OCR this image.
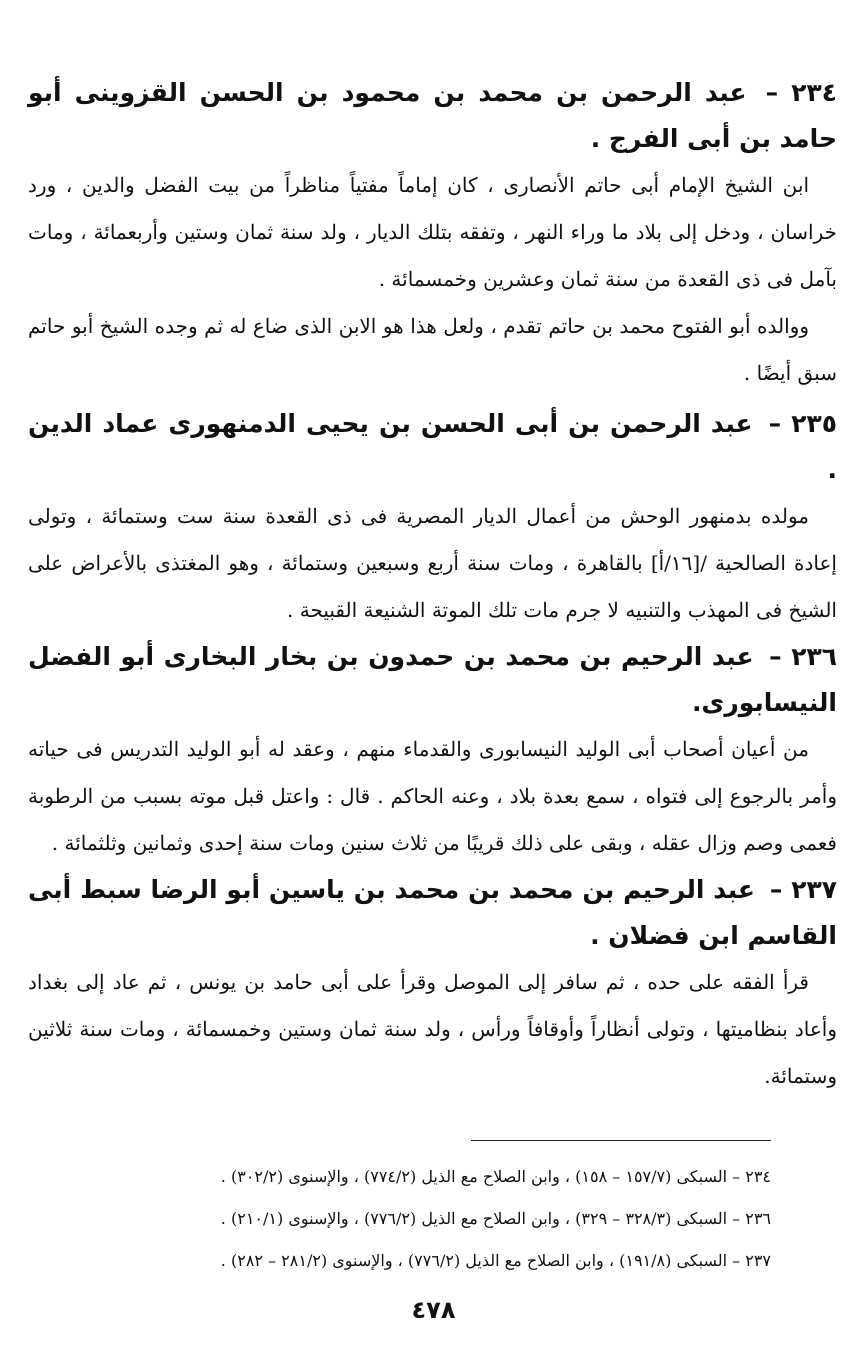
٢٣٤ – عبد الرحمن بن محمد بن محمود بن الحسن القزوينى أبو حامد بن أبى الفرج .

ابن الشيخ الإمام أبى حاتم الأنصارى ، كان إماماً مفتياً مناظراً من بيت الفضل والدين ، ورد خراسان ، ودخل إلى بلاد ما وراء النهر ، وتفقه بتلك الديار ، ولد سنة ثمان وستين وأربعمائة ، ومات بآمل فى ذى القعدة من سنة ثمان وعشرين وخمسمائة .

ووالده أبو الفتوح محمد بن حاتم تقدم ، ولعل هذا هو الابن الذى ضاع له ثم وجده الشيخ أبو حاتم سبق أيضًا .

٢٣٥ – عبد الرحمن بن أبى الحسن بن يحيى الدمنهورى عماد الدين .

مولده بدمنهور الوحش من أعمال الديار المصرية فى ذى القعدة سنة ست وستمائة ، وتولى إعادة الصالحية /[١٦/أ] بالقاهرة ، ومات سنة أربع وسبعين وستمائة ، وهو المغتذى بالأعراض على الشيخ فى المهذب والتنبيه لا جرم مات تلك الموتة الشنيعة القبيحة .

٢٣٦ – عبد الرحيم بن محمد بن حمدون بن بخار البخارى أبو الفضل النيسابورى.

من أعيان أصحاب أبى الوليد النيسابورى والقدماء منهم ، وعقد له أبو الوليد التدريس فى حياته وأمر بالرجوع إلى فتواه ، سمع بعدة بلاد ، وعنه الحاكم . قال : واعتل قبل موته بسبب من الرطوبة فعمى وصم وزال عقله ، وبقى على ذلك قريبًا من ثلاث سنين ومات سنة إحدى وثمانين وثلثمائة .

٢٣٧ – عبد الرحيم بن محمد بن محمد بن ياسين أبو الرضا سبط أبى القاسم ابن فضلان .

قرأ الفقه على حده ، ثم سافر إلى الموصل وقرأ على أبى حامد بن يونس ، ثم عاد إلى بغداد وأعاد بنظاميتها ، وتولى أنظاراً وأوقافاً ورأس ، ولد سنة ثمان وستين وخمسمائة ، ومات سنة ثلاثين وستمائة.

٢٣٤ – السبكى (١٥٧/٧ – ١٥٨) ، وابن الصلاح مع الذيل (٧٧٤/٢) ، والإسنوى (٣٠٢/٢) .

٢٣٦ – السبكى (٣٢٨/٣ – ٣٢٩) ، وابن الصلاح مع الذيل (٧٧٦/٢) ، والإسنوى (٢١٠/١) .

٢٣٧ – السبكى (١٩١/٨) ، وابن الصلاح مع الذيل (٧٧٦/٢) ، والإسنوى (٢٨١/٢ – ٢٨٢) .

٤٧٨
